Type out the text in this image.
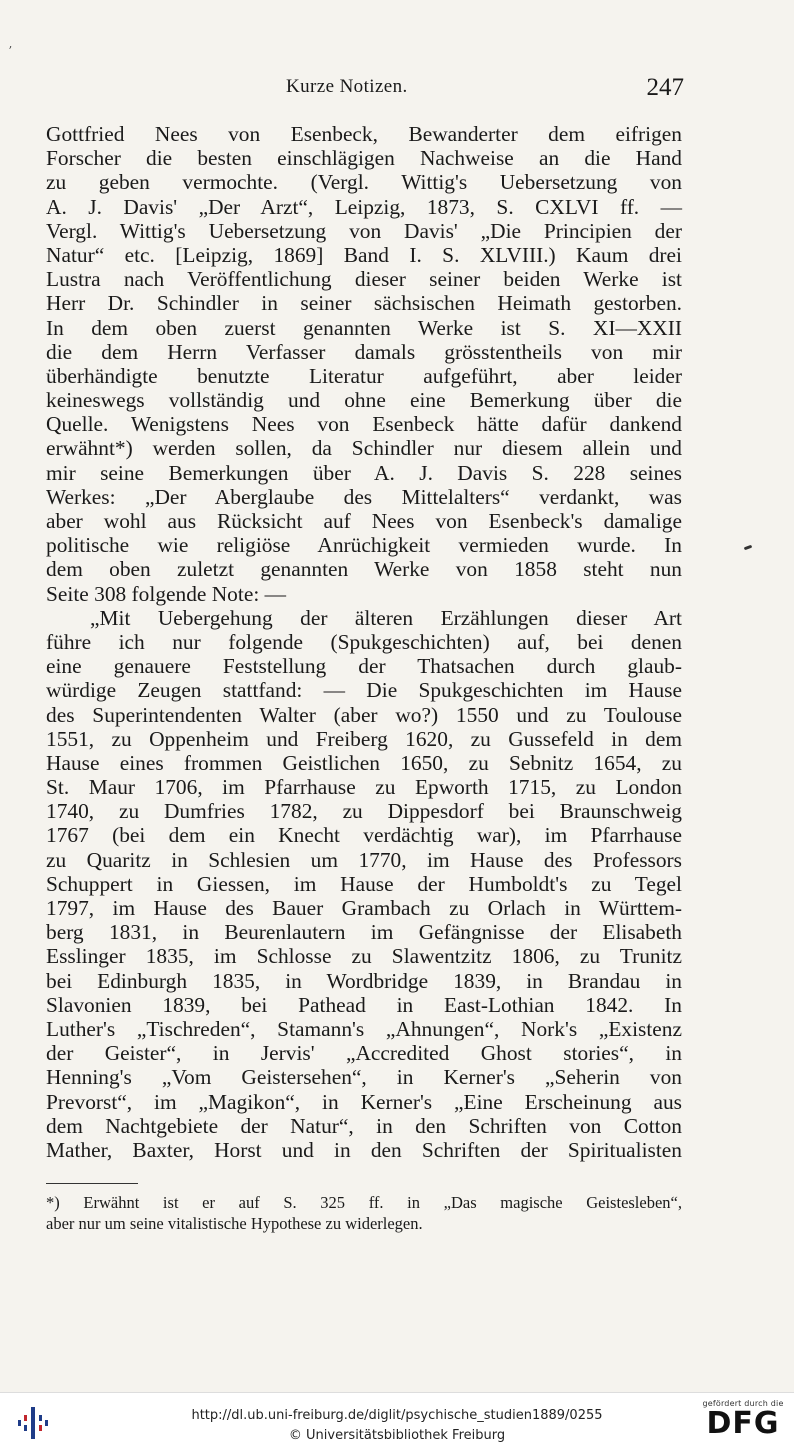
ʼ
Kurze Notizen.	247
Gottfried Nees von Esenbeck, Bewanderter dem eifrigen
Forscher die besten einschlägigen Nachweise an die Hand
zu geben vermochte. (Vergl. Wittig's Uebersetzung von
A. J. Davis' „Der Arzt“, Leipzig, 1873, S. CXLVI ff. —
Vergl. Wittig's Uebersetzung von Davis' „Die Principien der
Natur“ etc. [Leipzig, 1869] Band I. S. XLVIII.) Kaum drei
Lustra nach Veröffentlichung dieser seiner beiden Werke ist
Herr Dr. Schindler in seiner sächsischen Heimath gestorben.
In dem oben zuerst genannten Werke ist S. XI—XXII
die dem Herrn Verfasser damals grösstentheils von mir
überhändigte benutzte Literatur aufgeführt, aber leider
keineswegs vollständig und ohne eine Bemerkung über die
Quelle. Wenigstens Nees von Esenbeck hätte dafür dankend
erwähnt*) werden sollen, da Schindler nur diesem allein und
mir seine Bemerkungen über A. J. Davis S. 228 seines
Werkes: „Der Aberglaube des Mittelalters“ verdankt, was
aber wohl aus Rücksicht auf Nees von Esenbeck's damalige
politische wie religiöse Anrüchigkeit vermieden wurde. In
dem oben zuletzt genannten Werke von 1858 steht nun
Seite 308 folgende Note: —
„Mit Uebergehung der älteren Erzählungen dieser Art
führe ich nur folgende (Spukgeschichten) auf, bei denen
eine genauere Feststellung der Thatsachen durch glaub-
würdige Zeugen stattfand: — Die Spukgeschichten im Hause
des Superintendenten Walter (aber wo?) 1550 und zu Toulouse
1551, zu Oppenheim und Freiberg 1620, zu Gussefeld in dem
Hause eines frommen Geistlichen 1650, zu Sebnitz 1654, zu
St. Maur 1706, im Pfarrhause zu Epworth 1715, zu London
1740, zu Dumfries 1782, zu Dippesdorf bei Braunschweig
1767 (bei dem ein Knecht verdächtig war), im Pfarrhause
zu Quaritz in Schlesien um 1770, im Hause des Professors
Schuppert in Giessen, im Hause der Humboldt's zu Tegel
1797, im Hause des Bauer Grambach zu Orlach in Württem-
berg 1831, in Beurenlautern im Gefängnisse der Elisabeth
Esslinger 1835, im Schlosse zu Slawentzitz 1806, zu Trunitz
bei Edinburgh 1835, in Wordbridge 1839, in Brandau in
Slavonien 1839, bei Pathead in East-Lothian 1842. In
Luther's „Tischreden“, Stamann's „Ahnungen“, Nork's „Existenz
der Geister“, in Jervis' „Accredited Ghost stories“, in
Henning's „Vom Geistersehen“, in Kerner's „Seherin von
Prevorst“, im „Magikon“, in Kerner's „Eine Erscheinung aus
dem Nachtgebiete der Natur“, in den Schriften von Cotton
Mather, Baxter, Horst und in den Schriften der Spiritualisten
*) Erwähnt ist er auf S. 325 ff. in „Das magische Geistesleben“,
aber nur um seine vitalistische Hypothese zu widerlegen.
http://dl.ub.uni-freiburg.de/diglit/psychische_studien1889/0255
© Universitätsbibliothek Freiburg
gefördert durch die
DFG
